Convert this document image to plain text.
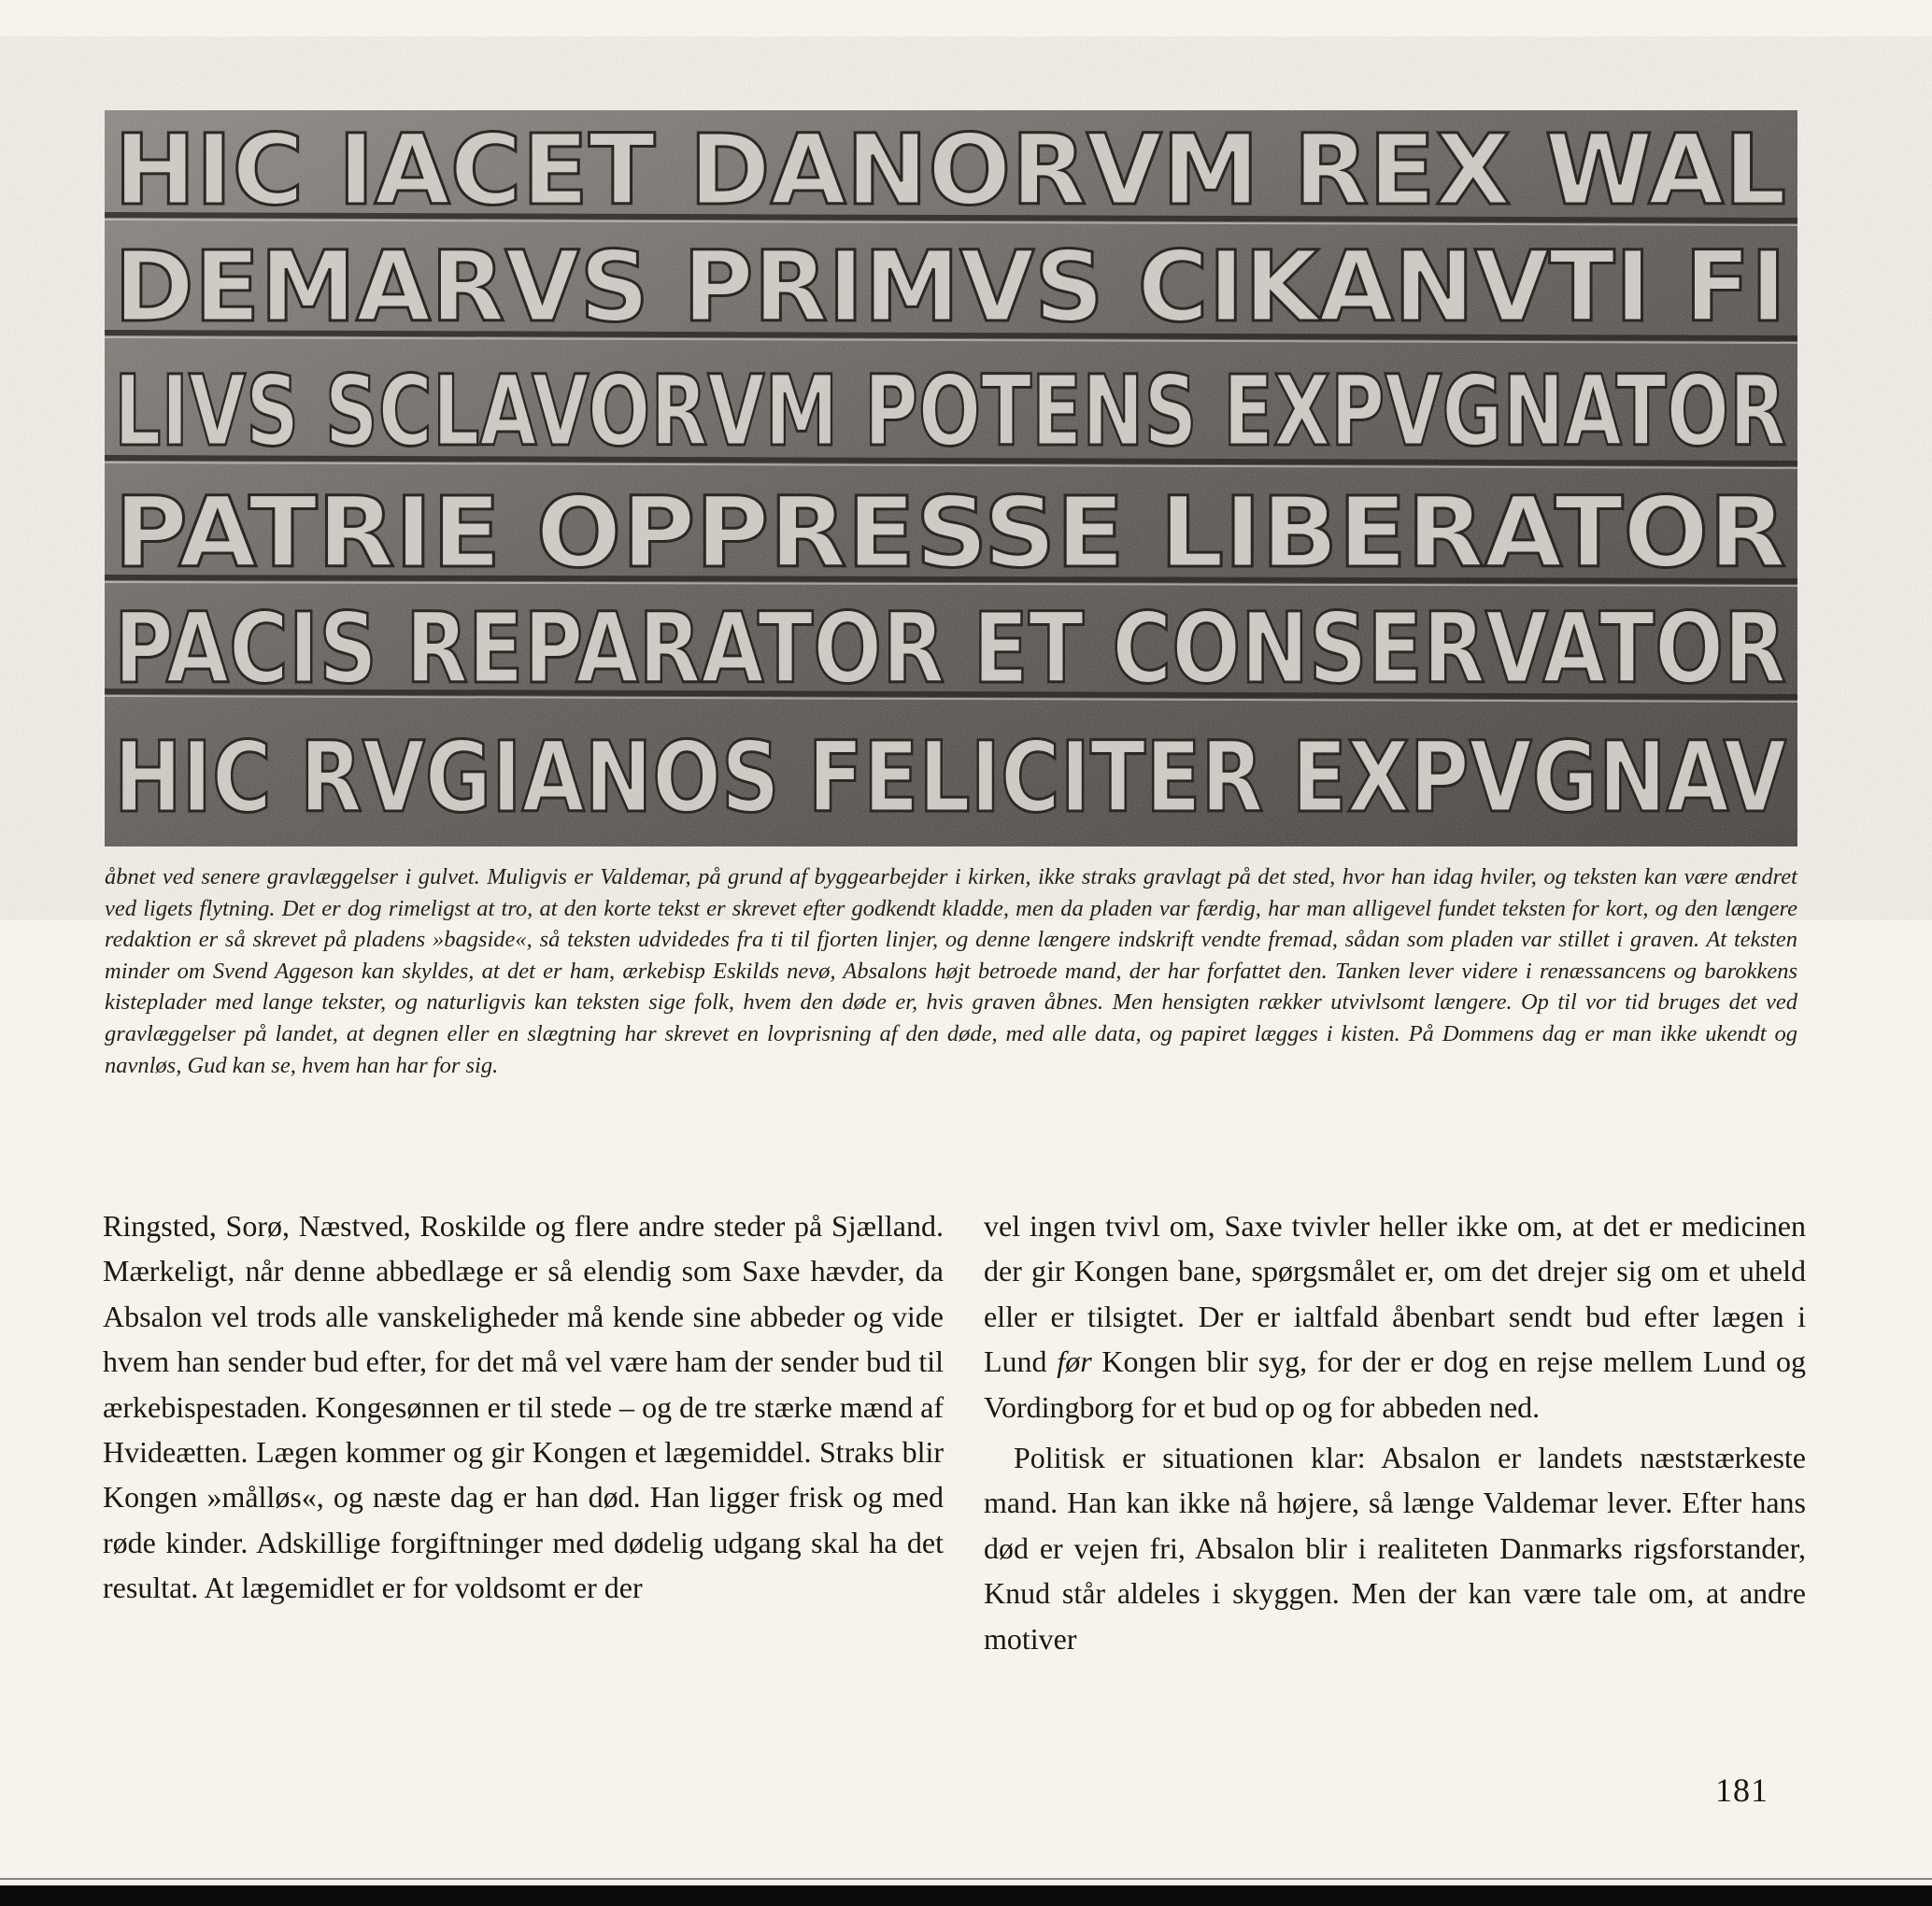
HIC IACET DANORVM REX WAL
DEMARVS PRIMVS CIKANVTI FI
LIVS SCLAVORVM POTENS EXPVGNATOR
PATRIE OPPRESSE LIBERATOR
PACIS REPARATOR ET CONSERVATOR
HIC RVGIANOS FELICITER EXPVGNAV
åbnet ved senere gravlæggelser i gulvet. Muligvis er Valdemar, på grund af byggearbejder i kirken, ikke straks gravlagt på det sted, hvor han idag hviler, og teksten kan være ændret ved ligets flytning. Det er dog rimeligst at tro, at den korte tekst er skrevet efter godkendt kladde, men da pladen var færdig, har man alligevel fundet teksten for kort, og den længere redaktion er så skrevet på pladens »bagside«, så teksten udvidedes fra ti til fjorten linjer, og denne længere indskrift vendte fremad, sådan som pladen var stillet i graven. At teksten minder om Svend Aggeson kan skyldes, at det er ham, ærkebisp Eskilds nevø, Absalons højt betroede mand, der har forfattet den. Tanken lever videre i renæssancens og barokkens kisteplader med lange tekster, og naturligvis kan teksten sige folk, hvem den døde er, hvis graven åbnes. Men hensigten rækker utvivlsomt længere. Op til vor tid bruges det ved gravlæggelser på landet, at degnen eller en slægtning har skrevet en lovprisning af den døde, med alle data, og papiret lægges i kisten. På Dommens dag er man ikke ukendt og navnløs, Gud kan se, hvem han har for sig.

Ringsted, Sorø, Næstved, Roskilde og flere andre steder på Sjælland. Mærkeligt, når denne abbedlæge er så elendig som Saxe hævder, da Absalon vel trods alle vanskeligheder må kende sine abbeder og vide hvem han sender bud efter, for det må vel være ham der sender bud til ærkebispestaden. Kongesønnen er til stede – og de tre stærke mænd af Hvideætten. Lægen kommer og gir Kongen et lægemiddel. Straks blir Kongen »målløs«, og næste dag er han død. Han ligger frisk og med røde kinder. Adskillige forgiftninger med dødelig udgang skal ha det resultat. At lægemidlet er for voldsomt er der

vel ingen tvivl om, Saxe tvivler heller ikke om, at det er medicinen der gir Kongen bane, spørgsmålet er, om det drejer sig om et uheld eller er tilsigtet. Der er ialtfald åbenbart sendt bud efter lægen i Lund før Kongen blir syg, for der er dog en rejse mellem Lund og Vordingborg for et bud op og for abbeden ned.

Politisk er situationen klar: Absalon er landets næststærkeste mand. Han kan ikke nå højere, så længe Valdemar lever. Efter hans død er vejen fri, Absalon blir i realiteten Danmarks rigsforstander, Knud står aldeles i skyggen. Men der kan være tale om, at andre motiver

181
